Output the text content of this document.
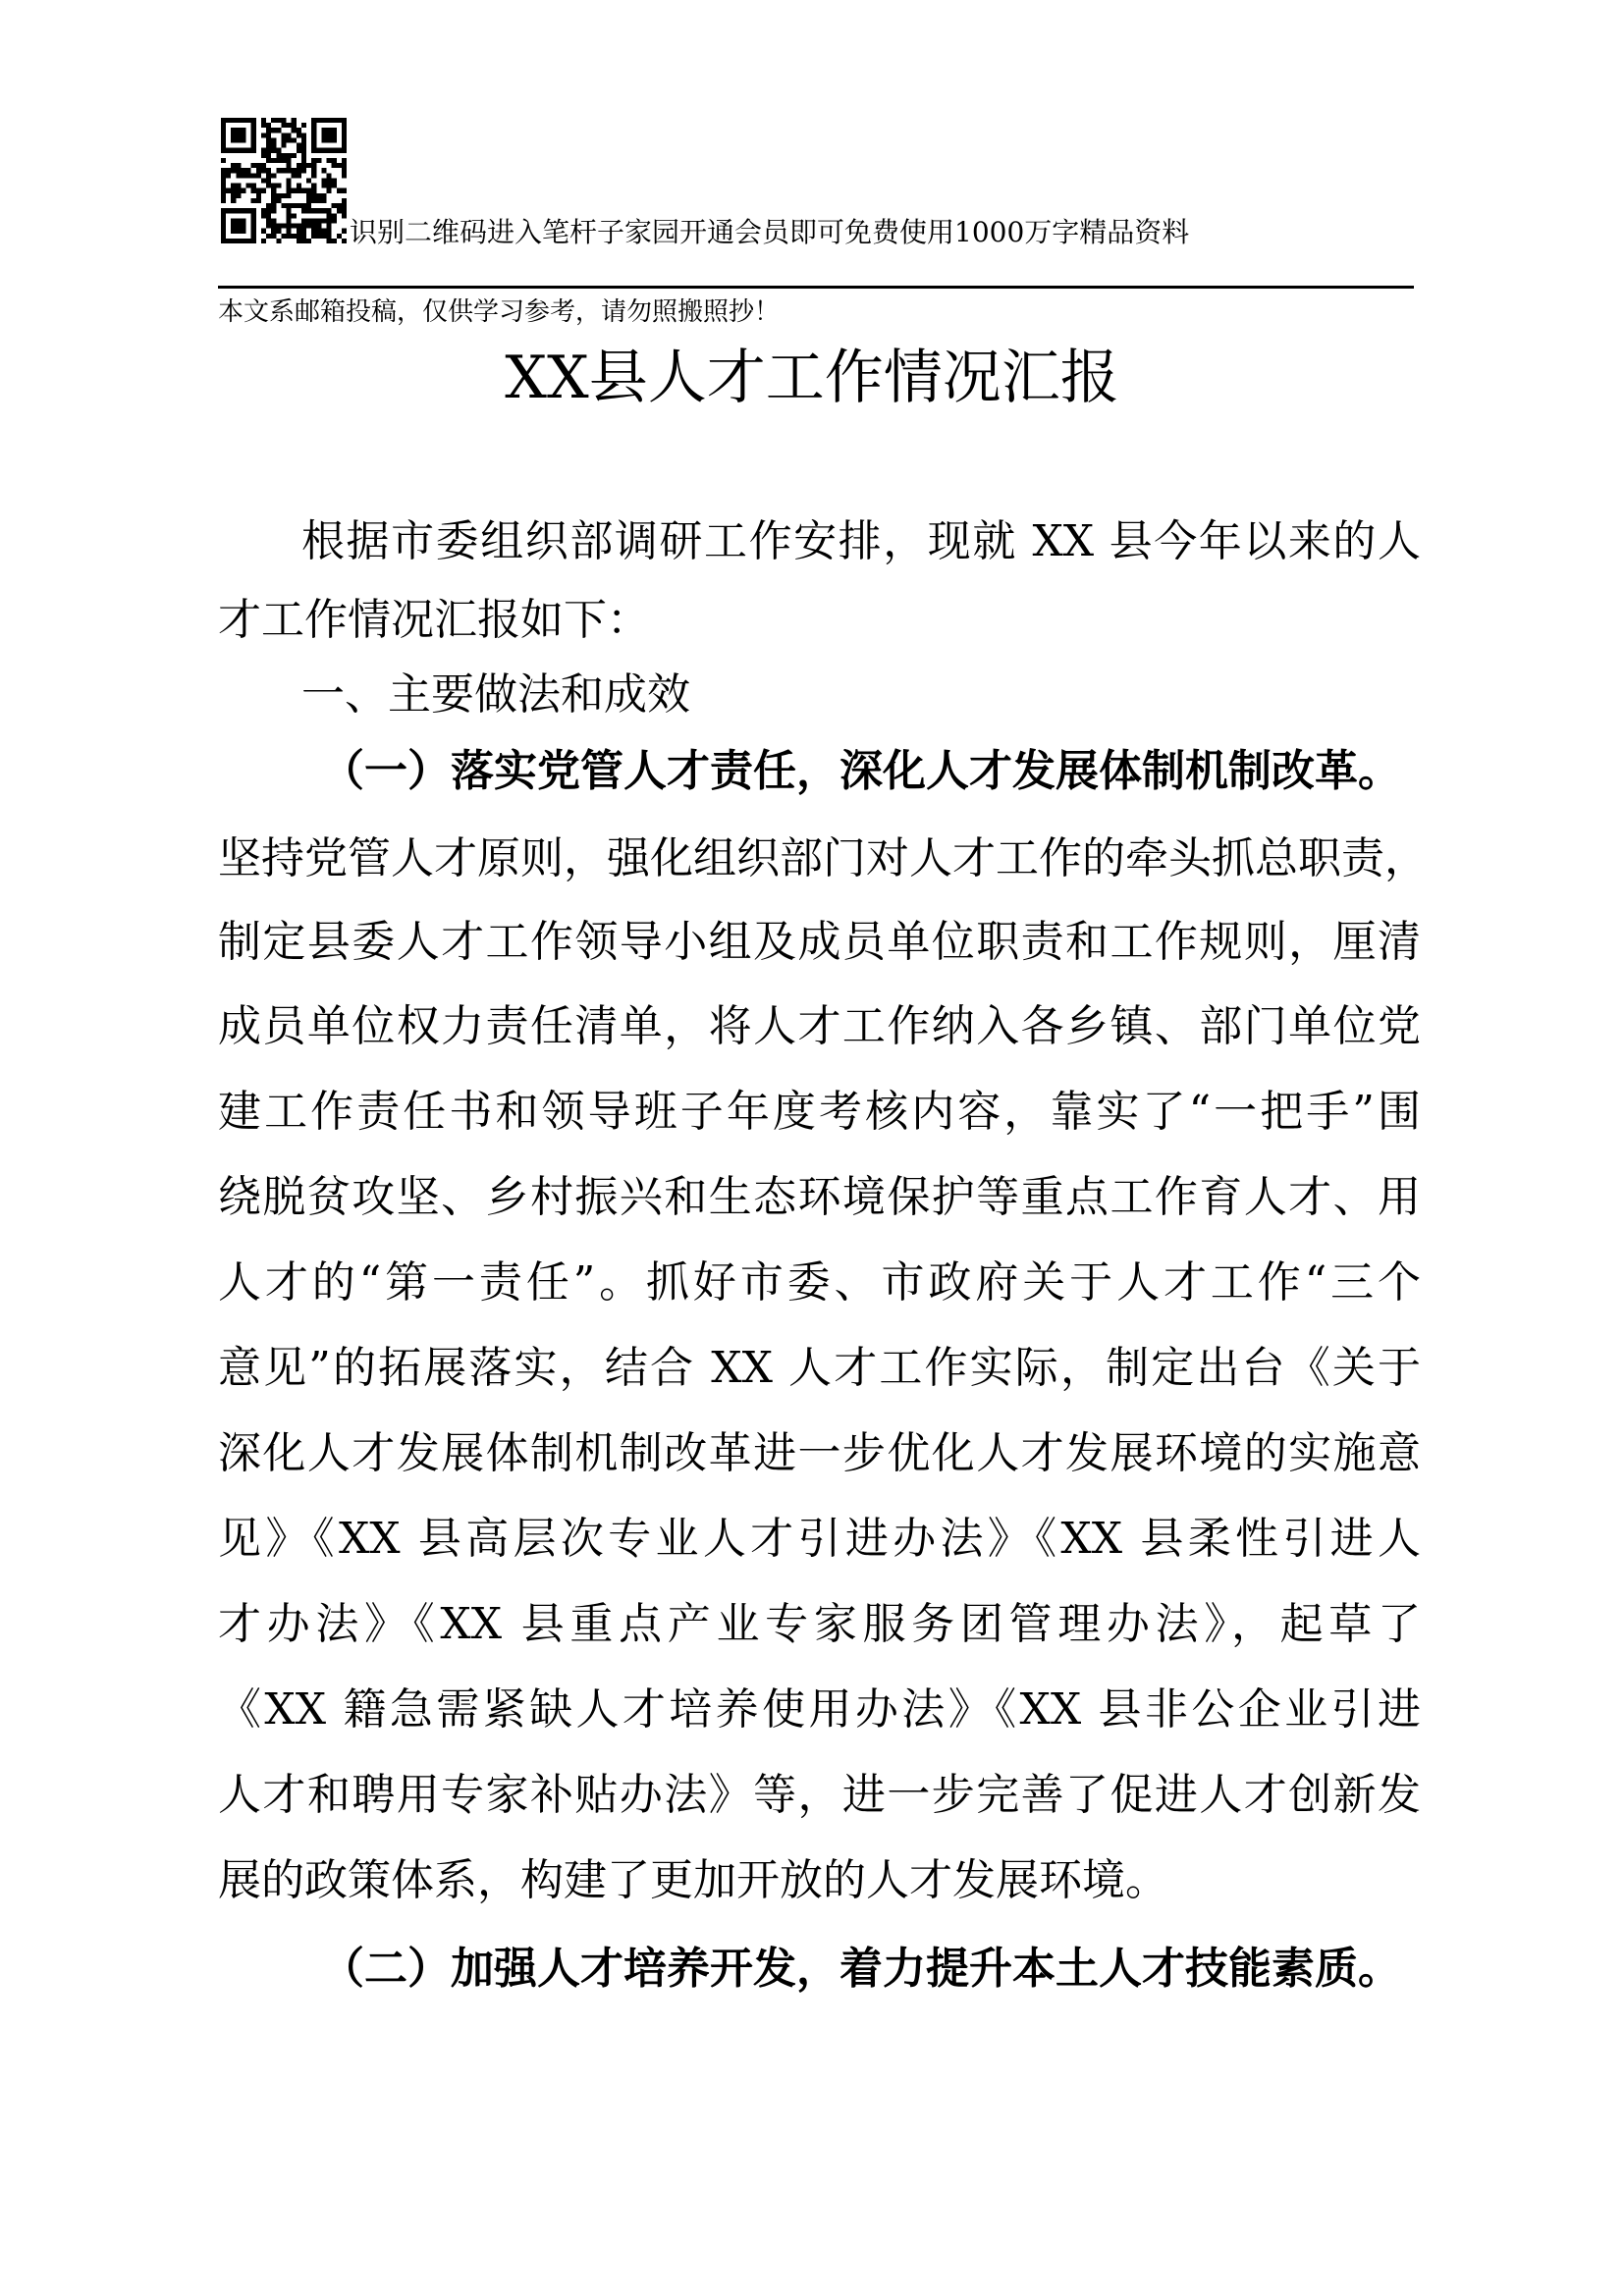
识别二维码进入笔杆子家园开通会员即可免费使用1000万字精品资料
本文系邮箱投稿，仅供学习参考，请勿照搬照抄！
XX县人才工作情况汇报
根据市委组织部调研工作安排，现就 XX 县今年以来的人
才工作情况汇报如下：
一、主要做法和成效
（一）落实党管人才责任，深化人才发展体制机制改革。
坚持党管人才原则，强化组织部门对人才工作的牵头抓总职责，
制定县委人才工作领导小组及成员单位职责和工作规则，厘清
成员单位权力责任清单，将人才工作纳入各乡镇、部门单位党
建工作责任书和领导班子年度考核内容，靠实了“一把手”围
绕脱贫攻坚、乡村振兴和生态环境保护等重点工作育人才、用
人才的“第一责任”。抓好市委、市政府关于人才工作“三个
意见”的拓展落实，结合 XX 人才工作实际，制定出台《关于
深化人才发展体制机制改革进一步优化人才发展环境的实施意
见》《XX 县高层次专业人才引进办法》《XX 县柔性引进人
才办法》《XX 县重点产业专家服务团管理办法》，起草了
《XX 籍急需紧缺人才培养使用办法》《XX 县非公企业引进
人才和聘用专家补贴办法》等，进一步完善了促进人才创新发
展的政策体系，构建了更加开放的人才发展环境。
（二）加强人才培养开发，着力提升本土人才技能素质。
